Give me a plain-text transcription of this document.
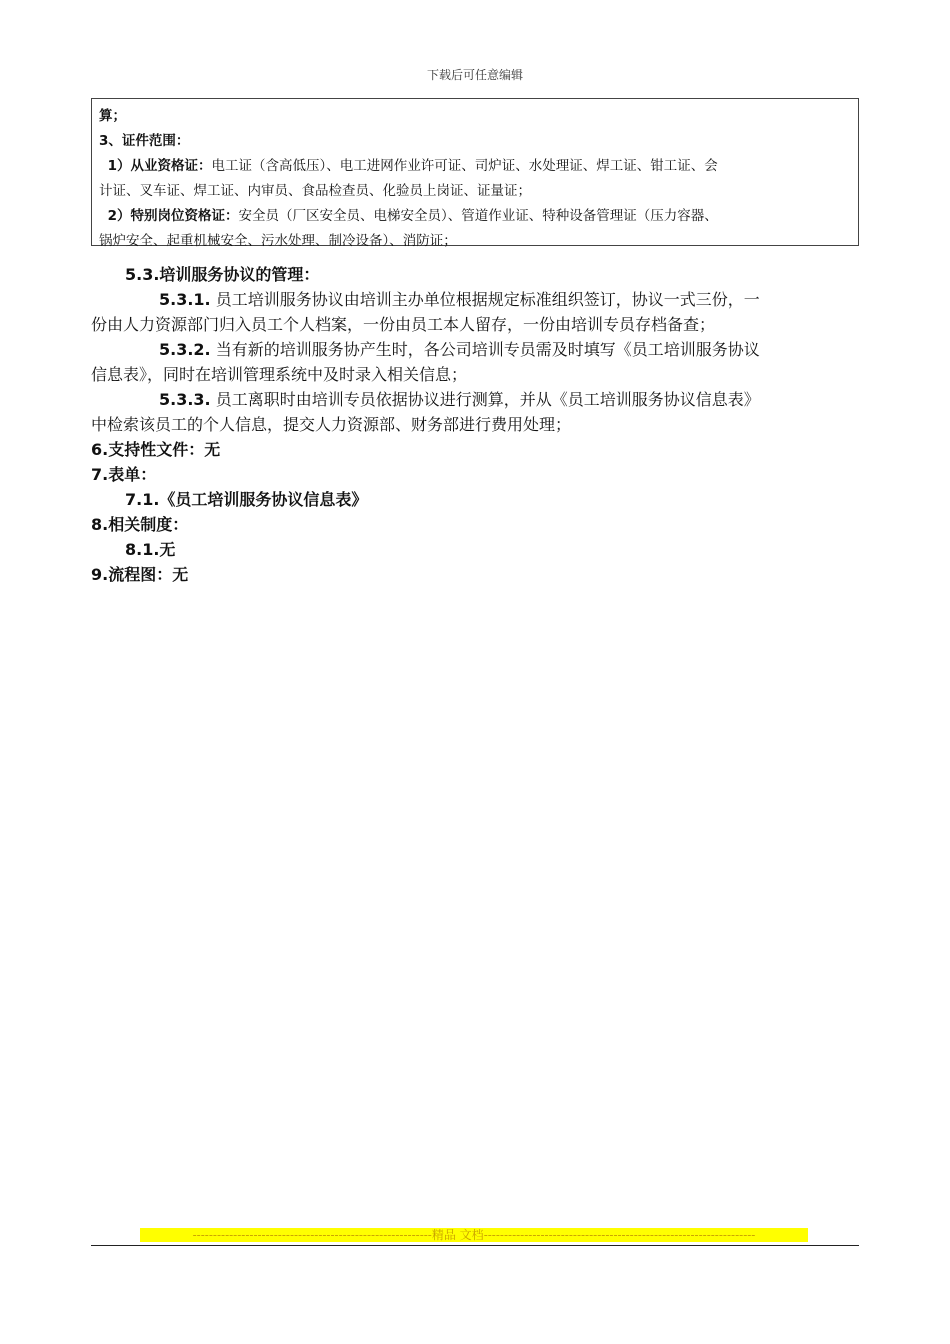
下载后可任意编辑
算；
3、证件范围：
1）从业资格证：电工证（含高低压）、电工进网作业许可证、司炉证、水处理证、焊工证、钳工证、会
计证、叉车证、焊工证、内审员、食品检查员、化验员上岗证、证量证；
2）特别岗位资格证：安全员（厂区安全员、电梯安全员）、管道作业证、特种设备管理证（压力容器、
锅炉安全、起重机械安全、污水处理、制冷设备）、消防证；

5.3.培训服务协议的管理：

5.3.1. 员工培训服务协议由培训主办单位根据规定标准组织签订，协议一式三份，一

份由人力资源部门归入员工个人档案，一份由员工本人留存，一份由培训专员存档备查；

5.3.2. 当有新的培训服务协产生时，各公司培训专员需及时填写《员工培训服务协议

信息表》，同时在培训管理系统中及时录入相关信息；

5.3.3. 员工离职时由培训专员依据协议进行测算，并从《员工培训服务协议信息表》

中检索该员工的个人信息，提交人力资源部、财务部进行费用处理；

6.支持性文件：无

7.表单：

7.1.《员工培训服务协议信息表》

8.相关制度：

8.1.无

9.流程图：无

-----------------------------------------------------------精品 文档-------------------------------------------------------------------
